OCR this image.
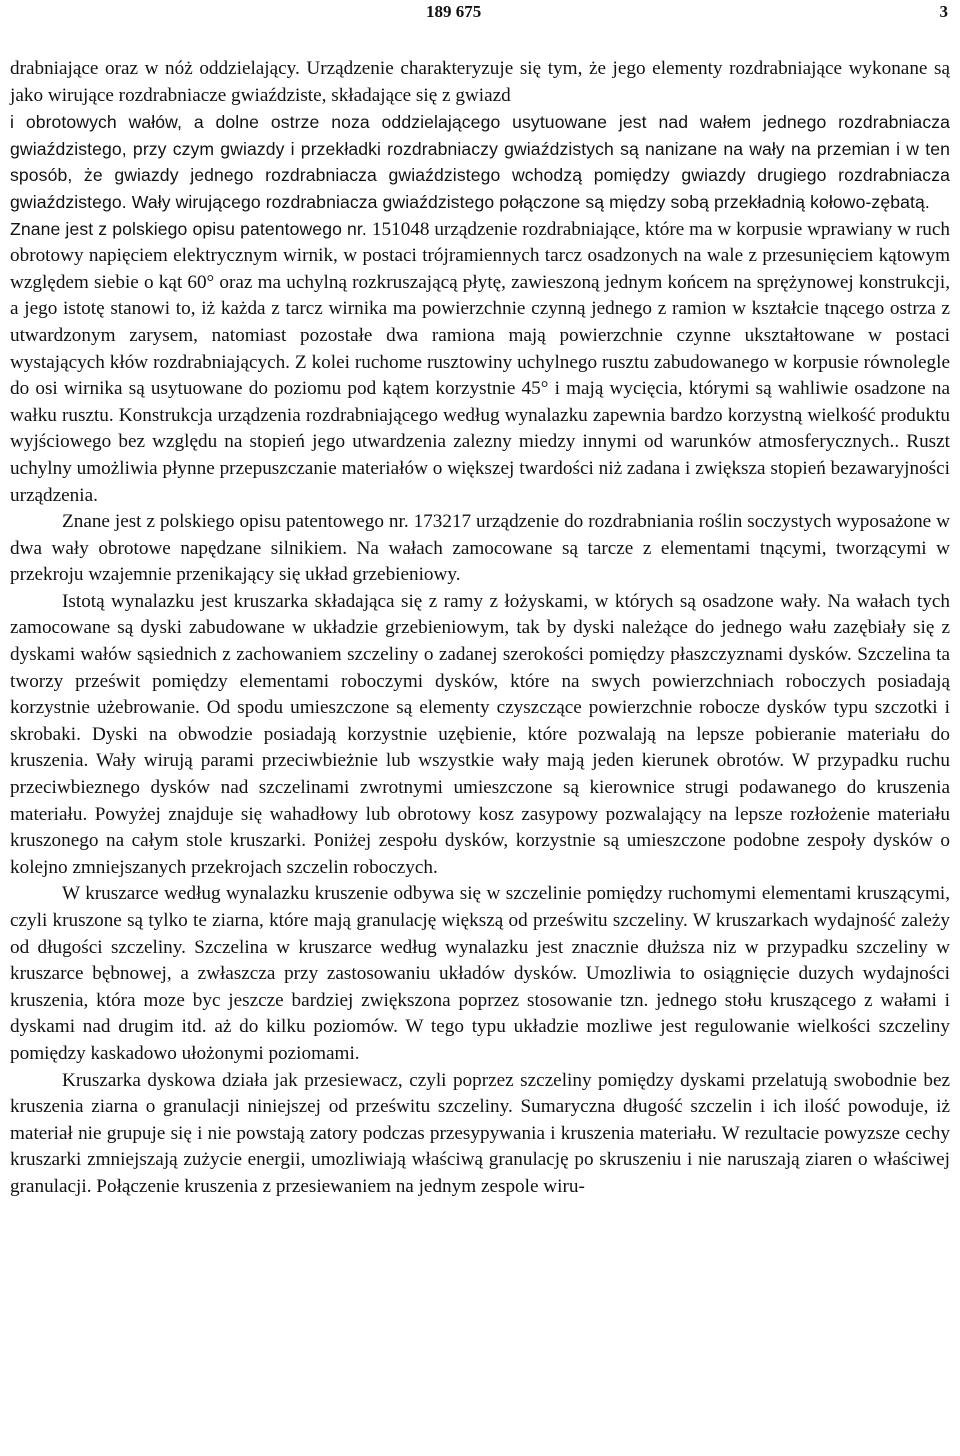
189 675	3

drabniające oraz w nóż oddzielający. Urządzenie charakteryzuje się tym, że jego elementy rozdrabniające wykonane są jako wirujące rozdrabniacze gwiaździste, składające się z gwiazd

i obrotowych wałów, a dolne ostrze noza oddzielającego usytuowane jest nad wałem jednego rozdrabniacza gwiaździstego, przy czym gwiazdy i przekładki rozdrabniaczy gwiaździstych są nanizane na wały na przemian i w ten sposób, że gwiazdy jednego rozdrabniacza gwiaździstego wchodzą pomiędzy gwiazdy drugiego rozdrabniacza gwiaździstego. Wały wirującego rozdrabniacza gwiaździstego połączone są między sobą przekładnią kołowo-zębatą.

Znane jest z polskiego opisu patentowego nr.

151048 urządzenie rozdrabniające, które ma w korpusie wprawiany w ruch obrotowy napięciem elektrycznym wirnik, w postaci trójramiennych tarcz osadzonych na wale z przesunięciem kątowym względem siebie o kąt 60° oraz ma uchylną rozkruszającą płytę, zawieszoną jednym końcem na sprężynowej konstrukcji, a jego istotę stanowi to, iż każda z tarcz wirnika ma powierzchnie czynną jednego z ramion w kształcie tnącego ostrza z utwardzonym zarysem, natomiast pozostałe dwa ramiona mają powierzchnie czynne ukształtowane w postaci wystających kłów rozdrabniających. Z kolei ruchome rusztowiny uchylnego rusztu zabudowanego w korpusie równolegle do osi wirnika są usytuowane do poziomu pod kątem korzystnie 45° i mają wycięcia, którymi są wahliwie osadzone na wałku rusztu. Konstrukcja urządzenia rozdrabniającego według wynalazku zapewnia bardzo korzystną wielkość produktu wyjściowego bez względu na stopień jego utwardzenia zalezny miedzy innymi od warunków atmosferycznych.. Ruszt uchylny umożliwia płynne przepuszczanie materiałów o większej twardości niż zadana i zwiększa stopień bezawaryjności urządzenia.

Znane jest z polskiego opisu patentowego nr. 173217 urządzenie do rozdrabniania roślin soczystych wyposażone w dwa wały obrotowe napędzane silnikiem. Na wałach zamocowane są tarcze z elementami tnącymi, tworzącymi w przekroju wzajemnie przenikający się układ grzebieniowy.

Istotą wynalazku jest kruszarka składająca się z ramy z łożyskami, w których są osadzone wały. Na wałach tych zamocowane są dyski zabudowane w układzie grzebieniowym, tak by dyski należące do jednego wału zazębiały się z dyskami wałów sąsiednich z zachowaniem szczeliny o zadanej szerokości pomiędzy płaszczyznami dysków. Szczelina ta tworzy prześwit pomiędzy elementami roboczymi dysków, które na swych powierzchniach roboczych posiadają korzystnie użebrowanie. Od spodu umieszczone są elementy czyszczące powierzchnie robocze dysków typu szczotki i skrobaki. Dyski na obwodzie posiadają korzystnie uzębienie, które pozwalają na lepsze pobieranie materiału do kruszenia. Wały wirują parami przeciwbieżnie lub wszystkie wały mają jeden kierunek obrotów. W przypadku ruchu przeciwbieznego dysków nad szczelinami zwrotnymi umieszczone są kierownice strugi podawanego do kruszenia materiału. Powyżej znajduje się wahadłowy lub obrotowy kosz zasypowy pozwalający na lepsze rozłożenie materiału kruszonego na całym stole kruszarki. Poniżej zespołu dysków, korzystnie są umieszczone podobne zespoły dysków o kolejno zmniejszanych przekrojach szczelin roboczych.

W kruszarce według wynalazku kruszenie odbywa się w szczelinie pomiędzy ruchomymi elementami kruszącymi, czyli kruszone są tylko te ziarna, które mają granulację większą od prześwitu szczeliny. W kruszarkach wydajność zależy od długości szczeliny. Szczelina w kruszarce według wynalazku jest znacznie dłuższa niz w przypadku szczeliny w kruszarce bębnowej, a zwłaszcza przy zastosowaniu układów dysków. Umozliwia to osiągnięcie duzych wydajności kruszenia, która moze byc jeszcze bardziej zwiększona poprzez stosowanie tzn. jednego stołu kruszącego z wałami i dyskami nad drugim itd. aż do kilku poziomów. W tego typu układzie mozliwe jest regulowanie wielkości szczeliny pomiędzy kaskadowo ułożonymi poziomami.

Kruszarka dyskowa działa jak przesiewacz, czyli poprzez szczeliny pomiędzy dyskami przelatują swobodnie bez kruszenia ziarna o granulacji niniejszej od prześwitu szczeliny. Sumaryczna długość szczelin i ich ilość powoduje, iż materiał nie grupuje się i nie powstają zatory podczas przesypywania i kruszenia materiału. W rezultacie powyzsze cechy kruszarki zmniejszają zużycie energii, umozliwiają właściwą granulację po skruszeniu i nie naruszają ziaren o właściwej granulacji. Połączenie kruszenia z przesiewaniem na jednym zespole wiru-
